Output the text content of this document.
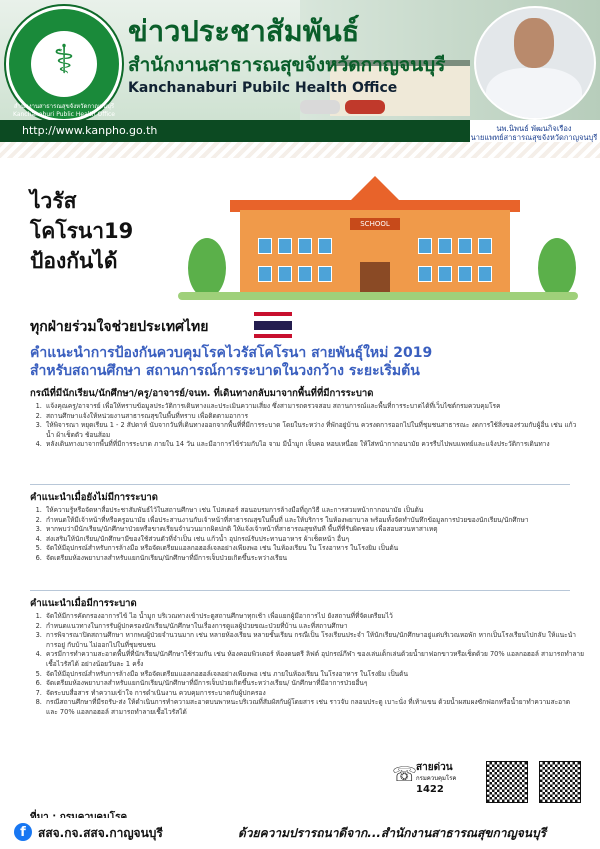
⚕
สำนักงานสาธารณสุขจังหวัดกาญจนบุรี Kanchanaburi Public Health Office
ข่าวประชาสัมพันธ์
สำนักงานสาธารณสุขจังหวัดกาญจนบุรี
Kanchanaburi Pubilc Health Office
นพ.นิพนธ์ พัฒนกิจเรือง
นายแพทย์สาธารณสุขจังหวัดกาญจนบุรี
http://www.kanpho.go.th
ไวรัส
โคโรนา19
ป้องกันได้
SCHOOL
ทุกฝ่ายร่วมใจช่วยประเทศไทย
คำแนะนำการป้องกันควบคุมโรคไวรัสโคโรนา สายพันธุ์ใหม่ 2019
สำหรับสถานศึกษา สถานการณ์การระบาดในวงกว้าง ระยะเริ่มต้น
กรณีที่มีนักเรียน/นักศึกษา/ครู/อาจารย์/จนท. ที่เดินทางกลับมาจากพื้นที่ที่มีการระบาด
1. แจ้งคุณครู/อาจารย์ เพื่อให้ทราบข้อมูลประวัติการเดินทางและประเมินความเสี่ยง ซึ่งสามารถตรวจสอบ สถานการณ์และพื้นที่การระบาดได้ที่เว็บไซต์กรมควบคุมโรค
2. สถานศึกษาแจ้งให้หน่วยงานสาธารณสุขในพื้นที่ทราบ เพื่อติดตามอาการ
3. ให้พิจารณา หยุดเรียน 1 - 2 สัปดาห์ นับจากวันที่เดินทางออกจากพื้นที่ที่มีการระบาด โดยในระหว่าง ที่พักอยู่บ้าน ควรงดการออกไปในที่ชุมชนสาธารณะ งดการใช้สิ่งของร่วมกับผู้อื่น เช่น แก้วน้ำ ผ้าเช็ดตัว ช้อนส้อม
4. หลังเดินทางมาจากพื้นที่ที่มีการระบาด ภายใน 14 วัน และมีอาการไข้ร่วมกับไอ จาม มีน้ำมูก เจ็บคอ หอบเหนื่อย ให้ใส่หน้ากากอนามัย ควรรีบไปพบแพทย์และแจ้งประวัติการเดินทาง
คำแนะนำเมื่อยังไม่มีการระบาด
1. ให้ความรู้หรือจัดหาสื่อประชาสัมพันธ์ไว้ในสถานศึกษา เช่น โปสเตอร์ สอนอบรมการล้างมือที่ถูกวิธี และการสวมหน้ากากอนามัย เป็นต้น
2. กำหนดให้มีเจ้าหน้าที่หรือครูอนามัย เพื่อประสานงานกับเจ้าหน้าที่สาธารณสุขในพื้นที่ และให้บริการ ในห้องพยาบาล พร้อมทั้งจัดทำบันทึกข้อมูลการป่วยของนักเรียน/นักศึกษา
3. หากพบว่ามีนักเรียน/นักศึกษาป่วยหรือขาดเรียนจำนวนมากผิดปกติ ให้แจ้งเจ้าหน้าที่สาธารณสุขทันที พื้นที่ที่รับผิดชอบ เพื่อสอบสวนหาสาเหตุ
4. ส่งเสริมให้นักเรียน/นักศึกษามีของใช้ส่วนตัวที่จำเป็น เช่น แก้วน้ำ อุปกรณ์รับประทานอาหาร ผ้าเช็ดหน้า อื่นๆ
5. จัดให้มีอุปกรณ์สำหรับการล้างมือ หรือจัดเตรียมแอลกอฮอล์เจลอย่างเพียงพอ เช่น ในห้องเรียน ใน โรงอาหาร ในโรงยิม เป็นต้น
6. จัดเตรียมห้องพยาบาลสำหรับแยกนักเรียน/นักศึกษาที่มีการเจ็บป่วยเกิดขึ้นระหว่างเรียน
คำแนะนำเมื่อมีการระบาด
1. จัดให้มีการคัดกรองอาการไข้ ไอ น้ำมูก บริเวณทางเข้าประตูสถานศึกษาทุกเช้า เพื่อแยกผู้มีอาการไป ยังสถานที่ที่จัดเตรียมไว้
2. กำหนดแนวทางในการรับผู้ปกครองนักเรียน/นักศึกษาในเรื่องการดูแลผู้ป่วยขณะป่วยที่บ้าน และที่สถานศึกษา
3. การพิจารณาปิดสถานศึกษา หากพบผู้ป่วยจำนวนมาก เช่น หลายห้องเรียน หลายชั้นเรียน กรณีเป็น โรงเรียนประจำ ให้นักเรียน/นักศึกษาอยู่แต่บริเวณหอพัก หากเป็นโรงเรียนไปกลับ ให้แนะนำการอยู่ กับบ้าน ไม่ออกไปในที่ชุมชนชน
4. ควรมีการทำความสะอาดพื้นที่ที่นักเรียน/นักศึกษาใช้ร่วมกัน เช่น ห้องคอมพิวเตอร์ ห้องดนตรี ลิฟต์ อุปกรณ์กีฬา ของเล่นเด็กเล่นด้วยน้ำยาฟอกขาวหรือเช็ดด้วย 70% แอลกอฮอล์ สามารถทำลายเชื้อไวรัสได้ อย่างน้อยวันละ 1 ครั้ง
5. จัดให้มีอุปกรณ์สำหรับการล้างมือ หรือจัดเตรียมแอลกอฮอล์เจลอย่างเพียงพอ เช่น ภายในห้องเรียน ในโรงอาหาร ในโรงยิม เป็นต้น
6. จัดเตรียมห้องพยาบาลสำหรับแยกนักเรียน/นักศึกษาที่มีการเจ็บป่วยเกิดขึ้นระหว่างเรียน/ นักศึกษาที่มีอาการป่วยอื่นๆ
7. จัดระบบสื่อสาร ทำความเข้าใจ การดำเนินงาน ควบคุมการระบาดกับผู้ปกครอง
8. กรณีสถานศึกษาที่มีรถรับ-ส่ง ให้ดำเนินการทำความสะอาดบนพาหนะบริเวณที่สัมผัสกับผู้โดยสาร เช่น ราวจับ กลอนประตู เบาะนั่ง ที่เท้าแขน ด้วยน้ำผสมผงซักฟอกหรือน้ำยาทำความสะอาด และ 70% แอลกอฮอล์ สามารถทำลายเชื้อไวรัสได้
☏
สายด่วน
กรมควบคุมโรค
1422
f	สสจ.กจ.สสจ.กาญจนบุรี	ด้วยความปรารถนาดีจาก...สำนักงานสาธารณสุขกาญจนบุรี
